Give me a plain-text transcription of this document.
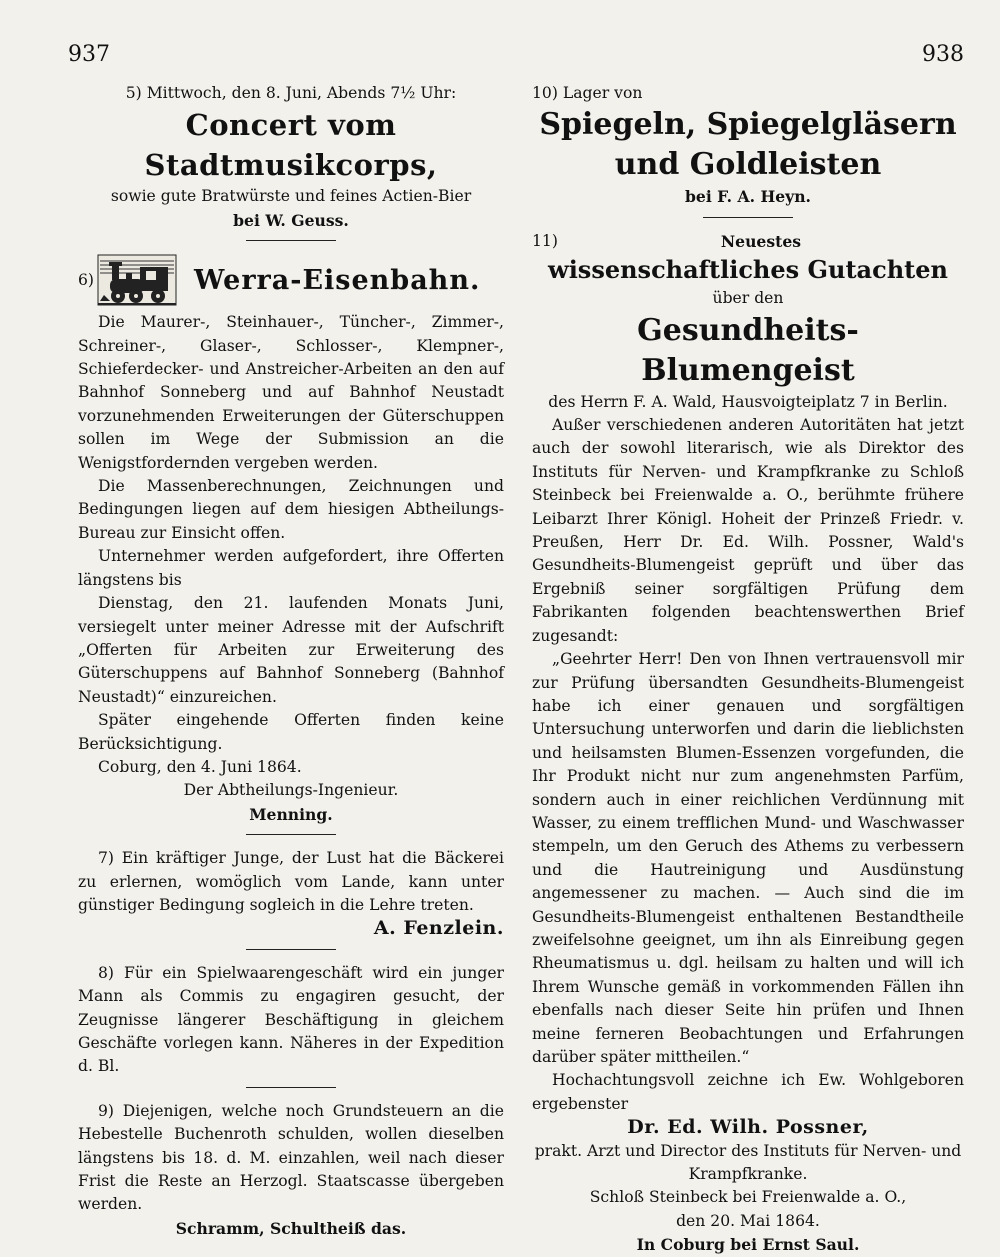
937	938

5) Mittwoch, den 8. Juni, Abends 7½ Uhr:

Concert vom Stadtmusikcorps,

sowie gute Bratwürste und feines Actien-Bier

bei W. Geuss.

6)	Werra-Eisenbahn.

Die Maurer-, Steinhauer-, Tüncher-, Zimmer-, Schreiner-, Glaser-, Schlosser-, Klempner-, Schieferdecker- und Anstreicher-Arbeiten an den auf Bahnhof Sonneberg und auf Bahnhof Neustadt vorzunehmenden Erweiterungen der Güterschuppen sollen im Wege der Submission an die Wenigstfordernden vergeben werden.

Die Massenberechnungen, Zeichnungen und Bedingungen liegen auf dem hiesigen Abtheilungs-Bureau zur Einsicht offen.

Unternehmer werden aufgefordert, ihre Offerten längstens bis

Dienstag, den 21. laufenden Monats Juni, versiegelt unter meiner Adresse mit der Aufschrift „Offerten für Arbeiten zur Erweiterung des Güterschuppens auf Bahnhof Sonneberg (Bahnhof Neustadt)“ einzureichen.

Später eingehende Offerten finden keine Berücksichtigung.

Coburg, den 4. Juni 1864.

Der Abtheilungs-Ingenieur.

Menning.

7) Ein kräftiger Junge, der Lust hat die Bäckerei zu erlernen, womöglich vom Lande, kann unter günstiger Bedingung sogleich in die Lehre treten.

A. Fenzlein.

8) Für ein Spielwaarengeschäft wird ein junger Mann als Commis zu engagiren gesucht, der Zeugnisse längerer Beschäftigung in gleichem Geschäfte vorlegen kann. Näheres in der Expedition d. Bl.

9) Diejenigen, welche noch Grundsteuern an die Hebestelle Buchenroth schulden, wollen dieselben längstens bis 18. d. M. einzahlen, weil nach dieser Frist die Reste an Herzogl. Staatscasse übergeben werden.

Schramm, Schultheiß das.

10) Lager von

Spiegeln, Spiegelgläsern und Goldleisten

bei F. A. Heyn.

11)	Neuestes

wissenschaftliches Gutachten

über den

Gesundheits-Blumengeist

des Herrn F. A. Wald, Hausvoigteiplatz 7 in Berlin.

Außer verschiedenen anderen Autoritäten hat jetzt auch der sowohl literarisch, wie als Direktor des Instituts für Nerven- und Krampfkranke zu Schloß Steinbeck bei Freienwalde a. O., berühmte frühere Leibarzt Ihrer Königl. Hoheit der Prinzeß Friedr. v. Preußen, Herr Dr. Ed. Wilh. Possner, Wald's Gesundheits-Blumengeist geprüft und über das Ergebniß seiner sorgfältigen Prüfung dem Fabrikanten folgenden beachtenswerthen Brief zugesandt:

„Geehrter Herr! Den von Ihnen vertrauensvoll mir zur Prüfung übersandten Gesundheits-Blumengeist habe ich einer genauen und sorgfältigen Untersuchung unterworfen und darin die lieblichsten und heilsamsten Blumen-Essenzen vorgefunden, die Ihr Produkt nicht nur zum angenehmsten Parfüm, sondern auch in einer reichlichen Verdünnung mit Wasser, zu einem trefflichen Mund- und Waschwasser stempeln, um den Geruch des Athems zu verbessern und die Hautreinigung und Ausdünstung angemessener zu machen. — Auch sind die im Gesundheits-Blumengeist enthaltenen Bestandtheile zweifelsohne geeignet, um ihn als Einreibung gegen Rheumatismus u. dgl. heilsam zu halten und will ich Ihrem Wunsche gemäß in vorkommenden Fällen ihn ebenfalls nach dieser Seite hin prüfen und Ihnen meine ferneren Beobachtungen und Erfahrungen darüber später mittheilen.“

Hochachtungsvoll zeichne ich Ew. Wohlgeboren ergebenster

Dr. Ed. Wilh. Possner,

prakt. Arzt und Director des Instituts für Nerven- und Krampfkranke.

Schloß Steinbeck bei Freienwalde a. O.,

den 20. Mai 1864.

In Coburg bei Ernst Saul.
